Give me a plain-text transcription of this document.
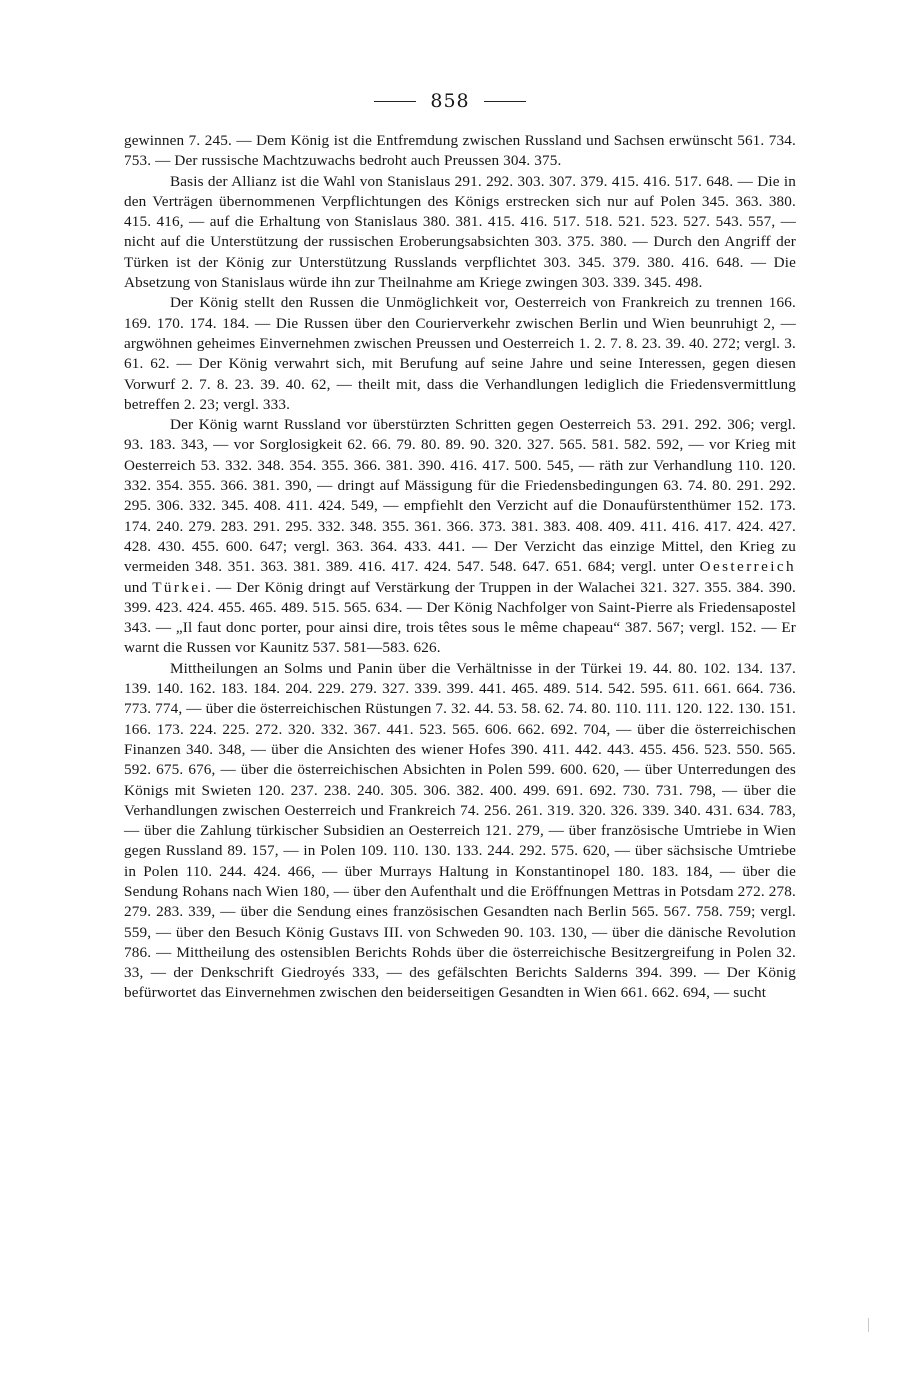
858

gewinnen 7. 245. — Dem König ist die Entfremdung zwischen Russland und Sachsen erwünscht 561. 734. 753. — Der russische Machtzuwachs bedroht auch Preussen 304. 375.

Basis der Allianz ist die Wahl von Stanislaus 291. 292. 303. 307. 379. 415. 416. 517. 648. — Die in den Verträgen übernommenen Verpflichtungen des Königs erstrecken sich nur auf Polen 345. 363. 380. 415. 416, — auf die Erhaltung von Stanislaus 380. 381. 415. 416. 517. 518. 521. 523. 527. 543. 557, — nicht auf die Unterstützung der russischen Eroberungsabsichten 303. 375. 380. — Durch den Angriff der Türken ist der König zur Unterstützung Russlands verpflichtet 303. 345. 379. 380. 416. 648. — Die Absetzung von Stanislaus würde ihn zur Theilnahme am Kriege zwingen 303. 339. 345. 498.

Der König stellt den Russen die Unmöglichkeit vor, Oesterreich von Frankreich zu trennen 166. 169. 170. 174. 184. — Die Russen über den Courierverkehr zwischen Berlin und Wien beunruhigt 2, — argwöhnen geheimes Einvernehmen zwischen Preussen und Oesterreich 1. 2. 7. 8. 23. 39. 40. 272; vergl. 3. 61. 62. — Der König verwahrt sich, mit Berufung auf seine Jahre und seine Interessen, gegen diesen Vorwurf 2. 7. 8. 23. 39. 40. 62, — theilt mit, dass die Verhandlungen lediglich die Friedensvermittlung betreffen 2. 23; vergl. 333.

Der König warnt Russland vor überstürzten Schritten gegen Oesterreich 53. 291. 292. 306; vergl. 93. 183. 343, — vor Sorglosigkeit 62. 66. 79. 80. 89. 90. 320. 327. 565. 581. 582. 592, — vor Krieg mit Oesterreich 53. 332. 348. 354. 355. 366. 381. 390. 416. 417. 500. 545, — räth zur Verhandlung 110. 120. 332. 354. 355. 366. 381. 390, — dringt auf Mässigung für die Friedensbedingungen 63. 74. 80. 291. 292. 295. 306. 332. 345. 408. 411. 424. 549, — empfiehlt den Verzicht auf die Donaufürstenthümer 152. 173. 174. 240. 279. 283. 291. 295. 332. 348. 355. 361. 366. 373. 381. 383. 408. 409. 411. 416. 417. 424. 427. 428. 430. 455. 600. 647; vergl. 363. 364. 433. 441. — Der Verzicht das einzige Mittel, den Krieg zu vermeiden 348. 351. 363. 381. 389. 416. 417. 424. 547. 548. 647. 651. 684; vergl. unter Oesterreich und Türkei. — Der König dringt auf Verstärkung der Truppen in der Walachei 321. 327. 355. 384. 390. 399. 423. 424. 455. 465. 489. 515. 565. 634. — Der König Nachfolger von Saint-Pierre als Friedensapostel 343. — „Il faut donc porter, pour ainsi dire, trois têtes sous le même chapeau“ 387. 567; vergl. 152. — Er warnt die Russen vor Kaunitz 537. 581—583. 626.

Mittheilungen an Solms und Panin über die Verhältnisse in der Türkei 19. 44. 80. 102. 134. 137. 139. 140. 162. 183. 184. 204. 229. 279. 327. 339. 399. 441. 465. 489. 514. 542. 595. 611. 661. 664. 736. 773. 774, — über die österreichischen Rüstungen 7. 32. 44. 53. 58. 62. 74. 80. 110. 111. 120. 122. 130. 151. 166. 173. 224. 225. 272. 320. 332. 367. 441. 523. 565. 606. 662. 692. 704, — über die österreichischen Finanzen 340. 348, — über die Ansichten des wiener Hofes 390. 411. 442. 443. 455. 456. 523. 550. 565. 592. 675. 676, — über die österreichischen Absichten in Polen 599. 600. 620, — über Unterredungen des Königs mit Swieten 120. 237. 238. 240. 305. 306. 382. 400. 499. 691. 692. 730. 731. 798, — über die Verhandlungen zwischen Oesterreich und Frankreich 74. 256. 261. 319. 320. 326. 339. 340. 431. 634. 783, — über die Zahlung türkischer Subsidien an Oesterreich 121. 279, — über französische Umtriebe in Wien gegen Russland 89. 157, — in Polen 109. 110. 130. 133. 244. 292. 575. 620, — über sächsische Umtriebe in Polen 110. 244. 424. 466, — über Murrays Haltung in Konstantinopel 180. 183. 184, — über die Sendung Rohans nach Wien 180, — über den Aufenthalt und die Eröffnungen Mettras in Potsdam 272. 278. 279. 283. 339, — über die Sendung eines französischen Gesandten nach Berlin 565. 567. 758. 759; vergl. 559, — über den Besuch König Gustavs III. von Schweden 90. 103. 130, — über die dänische Revolution 786. — Mittheilung des ostensiblen Berichts Rohds über die österreichische Besitzergreifung in Polen 32. 33, — der Denkschrift Giedroyés 333, — des gefälschten Berichts Salderns 394. 399. — Der König befürwortet das Einvernehmen zwischen den beiderseitigen Gesandten in Wien 661. 662. 694, — sucht
